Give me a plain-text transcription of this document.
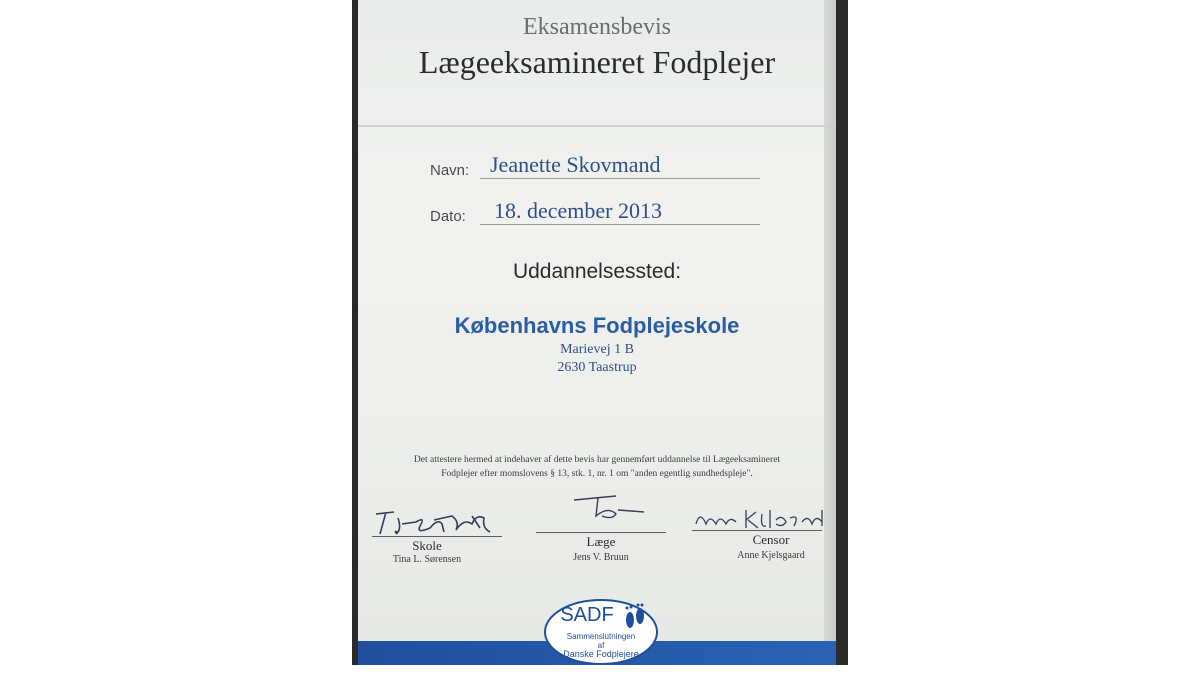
Eksamensbevis
Lægeeksamineret Fodplejer
Navn: Jeanette Skovmand
Dato: 18. december 2013
Uddannelsessted:
Københavns Fodplejeskole
Marievej 1 B
2630 Taastrup
Det attestere hermed at indehaver af dette bevis har gennemført uddannelse til Lægeeksamineret
Fodplejer efter momslovens § 13, stk. 1, nr. 1 om "anden egentlig sundhedspleje".
Skole
Tina L. Sørensen
Læge
Jens V. Bruun
Censor
Anne Kjelsgaard
SADF
Sammenslutningen
af
Danske Fodplejere
